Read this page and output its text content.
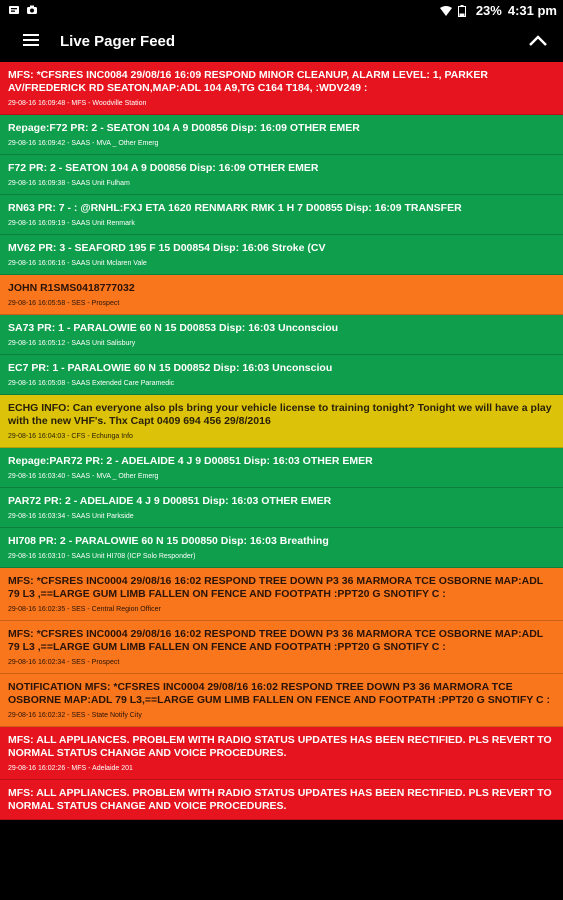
23% 4:31 pm
Live Pager Feed
MFS: *CFSRES INC0084 29/08/16 16:09 RESPOND MINOR CLEANUP, ALARM LEVEL: 1, PARKER AV/FREDERICK RD SEATON,MAP:ADL 104 A9,TG C164 T184, :WDV249 :
29-08-16 16:09:48 - MFS - Woodville Station
Repage:F72 PR: 2 - SEATON 104 A 9 D00856 Disp: 16:09 OTHER EMER
29-08-16 16:09:42 - SAAS - MVA _ Other Emerg
F72 PR: 2 - SEATON 104 A 9 D00856 Disp: 16:09 OTHER EMER
29-08-16 16:09:38 - SAAS Unit Fulham
RN63 PR: 7 - : @RNHL:FXJ ETA 1620 RENMARK RMK 1 H 7 D00855 Disp: 16:09 TRANSFER
29-08-16 16:09:19 - SAAS Unit Renmark
MV62 PR: 3 - SEAFORD 195 F 15 D00854 Disp: 16:06 Stroke (CV
29-08-16 16:06:16 - SAAS Unit Mclaren Vale
JOHN R1SMS0418777032
29-08-16 16:05:58 - SES - Prospect
SA73 PR: 1 - PARALOWIE 60 N 15 D00853 Disp: 16:03 Unconsciou
29-08-16 16:05:12 - SAAS Unit Salisbury
EC7 PR: 1 - PARALOWIE 60 N 15 D00852 Disp: 16:03 Unconsciou
29-08-16 16:05:08 - SAAS Extended Care Paramedic
ECHG INFO: Can everyone also pls bring your vehicle license to training tonight? Tonight we will have a play with the new VHF's. Thx Capt 0409 694 456 29/8/2016
29-08-16 16:04:03 - CFS - Echunga Info
Repage:PAR72 PR: 2 - ADELAIDE 4 J 9 D00851 Disp: 16:03 OTHER EMER
29-08-16 16:03:40 - SAAS - MVA _ Other Emerg
PAR72 PR: 2 - ADELAIDE 4 J 9 D00851 Disp: 16:03 OTHER EMER
29-08-16 16:03:34 - SAAS Unit Parkside
HI708 PR: 2 - PARALOWIE 60 N 15 D00850 Disp: 16:03 Breathing
29-08-16 16:03:10 - SAAS Unit HI708 (ICP Solo Responder)
MFS: *CFSRES INC0004 29/08/16 16:02 RESPOND TREE DOWN P3 36 MARMORA TCE OSBORNE MAP:ADL 79 L3 ,==LARGE GUM LIMB FALLEN ON FENCE AND FOOTPATH :PPT20 G SNOTIFY C :
29-08-16 16:02:35 - SES - Central Region Officer
MFS: *CFSRES INC0004 29/08/16 16:02 RESPOND TREE DOWN P3 36 MARMORA TCE OSBORNE MAP:ADL 79 L3 ,==LARGE GUM LIMB FALLEN ON FENCE AND FOOTPATH :PPT20 G SNOTIFY C :
29-08-16 16:02:34 - SES - Prospect
NOTIFICATION MFS: *CFSRES INC0004 29/08/16 16:02 RESPOND TREE DOWN P3 36 MARMORA TCE OSBORNE MAP:ADL 79 L3,==LARGE GUM LIMB FALLEN ON FENCE AND FOOTPATH :PPT20 G SNOTIFY C :
29-08-16 16:02:32 - SES - State Notify City
MFS: ALL APPLIANCES. PROBLEM WITH RADIO STATUS UPDATES HAS BEEN RECTIFIED. PLS REVERT TO NORMAL STATUS CHANGE AND VOICE PROCEDURES.
29-08-16 16:02:26 - MFS - Adelaide 201
MFS: ALL APPLIANCES. PROBLEM WITH RADIO STATUS UPDATES HAS BEEN RECTIFIED. PLS REVERT TO NORMAL STATUS CHANGE AND VOICE PROCEDURES.
